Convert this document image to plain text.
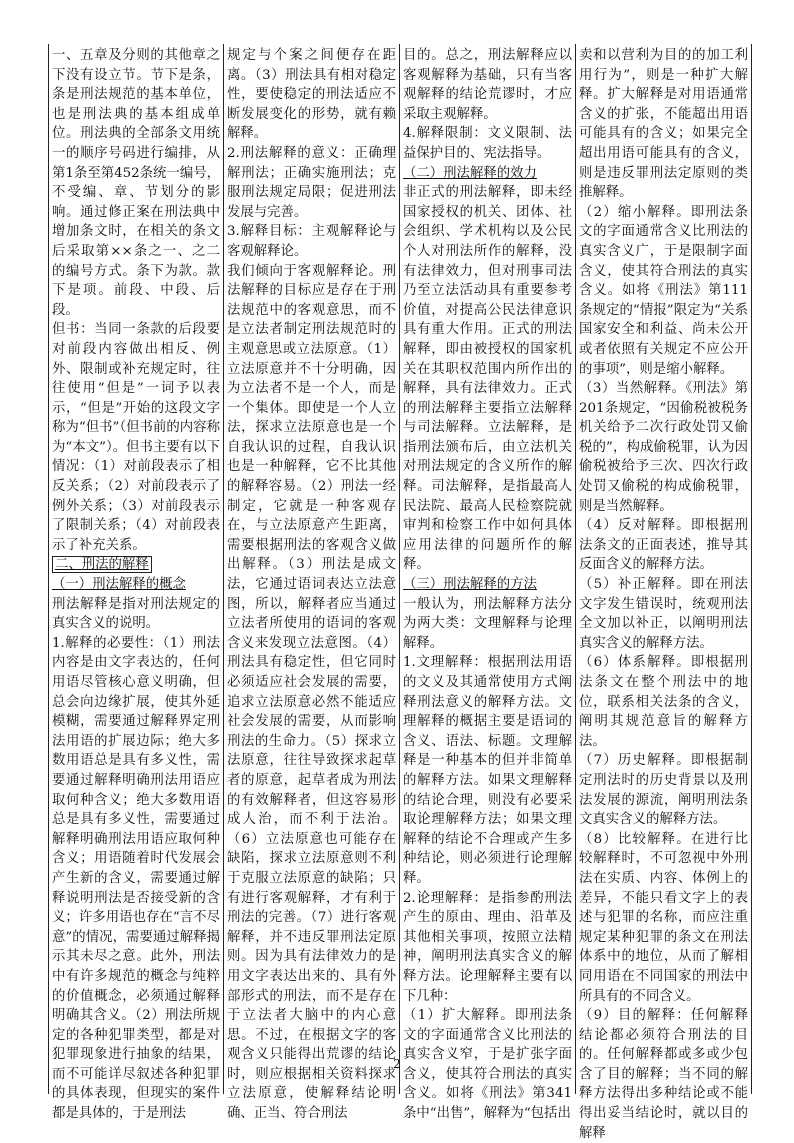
一、五章及分则的其他章之下没有设立节。节下是条，条是刑法规范的基本单位，也是刑法典的基本组成单位。刑法典的全部条文用统一的顺序号码进行编排，从第1条至第452条统一编号，不受编、章、节划分的影响。通过修正案在刑法典中增加条文时，在相关的条文后采取第××条之一、之二的编号方式。条下为款。款下是项。前段、中段、后段。

但书：当同一条款的后段要对前段内容做出相反、例外、限制或补充规定时，往往使用“但是”一词予以表示，“但是”开始的这段文字称为“但书”（但书前的内容称为“本文”）。但书主要有以下情况：（1）对前段表示了相反关系；（2）对前段表示了例外关系；（3）对前段表示了限制关系；（4）对前段表示了补充关系。

二、刑法的解释

（一）刑法解释的概念

刑法解释是指对刑法规定的真实含义的说明。

1.解释的必要性：（1）刑法内容是由文字表达的，任何用语尽管核心意义明确，但总会向边缘扩展，使其外延模糊，需要通过解释界定刑法用语的扩展边际；绝大多数用语总是具有多义性，需要通过解释明确刑法用语应取何种含义；绝大多数用语总是具有多义性，需要通过解释明确刑法用语应取何种含义；用语随着时代发展会产生新的含义，需要通过解释说明刑法是否接受新的含义；许多用语也存在“言不尽意”的情况，需要通过解释揭示其未尽之意。此外，刑法中有许多规范的概念与纯粹的价值概念，必须通过解释明确其含义。（2）刑法所规定的各种犯罪类型，都是对犯罪现象进行抽象的结果，而不可能详尽叙述各种犯罪的具体表现，但现实的案件都是具体的，于是刑法

规定与个案之间便存在距离。（3）刑法具有相对稳定性，要使稳定的刑法适应不断发展变化的形势，就有赖解释。

2.刑法解释的意义：正确理解刑法；正确实施刑法；克服刑法规定局限；促进刑法发展与完善。

3.解释目标：主观解释论与客观解释论。

我们倾向于客观解释论。刑法解释的目标应是存在于刑法规范中的客观意思，而不是立法者制定刑法规范时的主观意思或立法原意。（1）立法原意并不十分明确，因为立法者不是一个人，而是一个集体。即使是一个人立法，探求立法原意也是一个自我认识的过程，自我认识也是一种解释，它不比其他的解释容易。（2）刑法一经制定，它就是一种客观存在，与立法原意产生距离，需要根据刑法的客观含义做出解释。（3）刑法是成文法，它通过语词表达立法意图，所以，解释者应当通过立法者所使用的语词的客观含义来发现立法意图。（4）刑法具有稳定性，但它同时必须适应社会发展的需要，追求立法原意必然不能适应社会发展的需要，从而影响刑法的生命力。（5）探求立法原意，往往导致探求起草者的原意，起草者成为刑法的有效解释者，但这容易形成人治，而不利于法治。（6）立法原意也可能存在缺陷，探求立法原意则不利于克服立法原意的缺陷；只有进行客观解释，才有利于刑法的完善。（7）进行客观解释，并不违反罪刑法定原则。因为具有法律效力的是用文字表达出来的、具有外部形式的刑法，而不是存在于立法者大脑中的内心意思。不过，在根据文字的客观含义只能得出荒谬的结论时，则应根据相关资料探求立法原意，使解释结论明确、正当、符合刑法

目的。总之，刑法解释应以客观解释为基础，只有当客观解释的结论荒谬时，才应采取主观解释。

4.解释限制：文义限制、法益保护目的、宪法指导。

（二）刑法解释的效力

非正式的刑法解释，即未经国家授权的机关、团体、社会组织、学术机构以及公民个人对刑法所作的解释，没有法律效力，但对刑事司法乃至立法活动具有重要参考价值，对提高公民法律意识具有重大作用。正式的刑法解释，即由被授权的国家机关在其职权范围内所作出的解释，具有法律效力。正式的刑法解释主要指立法解释与司法解释。立法解释，是指刑法颁布后，由立法机关对刑法规定的含义所作的解释。司法解释，是指最高人民法院、最高人民检察院就审判和检察工作中如何具体应用法律的问题所作的解释。

（三）刑法解释的方法

一般认为，刑法解释方法分为两大类：文理解释与论理解释。

1.文理解释：根据刑法用语的文义及其通常使用方式阐释刑法意义的解释方法。文理解释的概据主要是语词的含义、语法、标题。文理解释是一种基本的但并非简单的解释方法。如果文理解释的结论合理，则没有必要采取论理解释方法；如果文理解释的结论不合理或产生多种结论，则必须进行论理解释。

2.论理解释：是指参酌刑法产生的原由、理由、沿革及其他相关事项，按照立法精神，阐明刑法真实含义的解释方法。论理解释主要有以下几种：

（1）扩大解释。即刑法条文的字面通常含义比刑法的真实含义窄，于是扩张字面含义，使其符合刑法的真实含义。如将《刑法》第341条中“出售”，解释为“包括出

卖和以营利为目的的加工利用行为”，则是一种扩大解释。扩大解释是对用语通常含义的扩张，不能超出用语可能具有的含义；如果完全超出用语可能具有的含义，则是违反罪刑法定原则的类推解释。

（2）缩小解释。即刑法条文的字面通常含义比刑法的真实含义广，于是限制字面含义，使其符合刑法的真实含义。如将《刑法》第111条规定的“情报”限定为“关系国家安全和利益、尚未公开或者依照有关规定不应公开的事项”，则是缩小解释。

（3）当然解释。《刑法》第201条规定，“因偷税被税务机关给予二次行政处罚又偷税的”，构成偷税罪，认为因偷税被给予三次、四次行政处罚又偷税的构成偷税罪，则是当然解释。

（4）反对解释。即根据刑法条文的正面表述，推导其反面含义的解释方法。

（5）补正解释。即在刑法文字发生错误时，统观刑法全文加以补正，以阐明刑法真实含义的解释方法。

（6）体系解释。即根据刑法条文在整个刑法中的地位，联系相关法条的含义，阐明其规范意旨的解释方法。

（7）历史解释。即根据制定刑法时的历史背景以及刑法发展的源流，阐明刑法条文真实含义的解释方法。

（8）比较解释。在进行比较解释时，不可忽视中外刑法在实质、内容、体例上的差异，不能只看文字上的表述与犯罪的名称，而应注重规定某种犯罪的条文在刑法体系中的地位，从而了解相同用语在不同国家的刑法中所具有的不同含义。

（9）目的解释：任何解释结论都必须符合刑法的目的。任何解释都或多或少包含了目的解释；当不同的解释方法得出多种结论或不能得出妥当结论时，就以目的解释

2
